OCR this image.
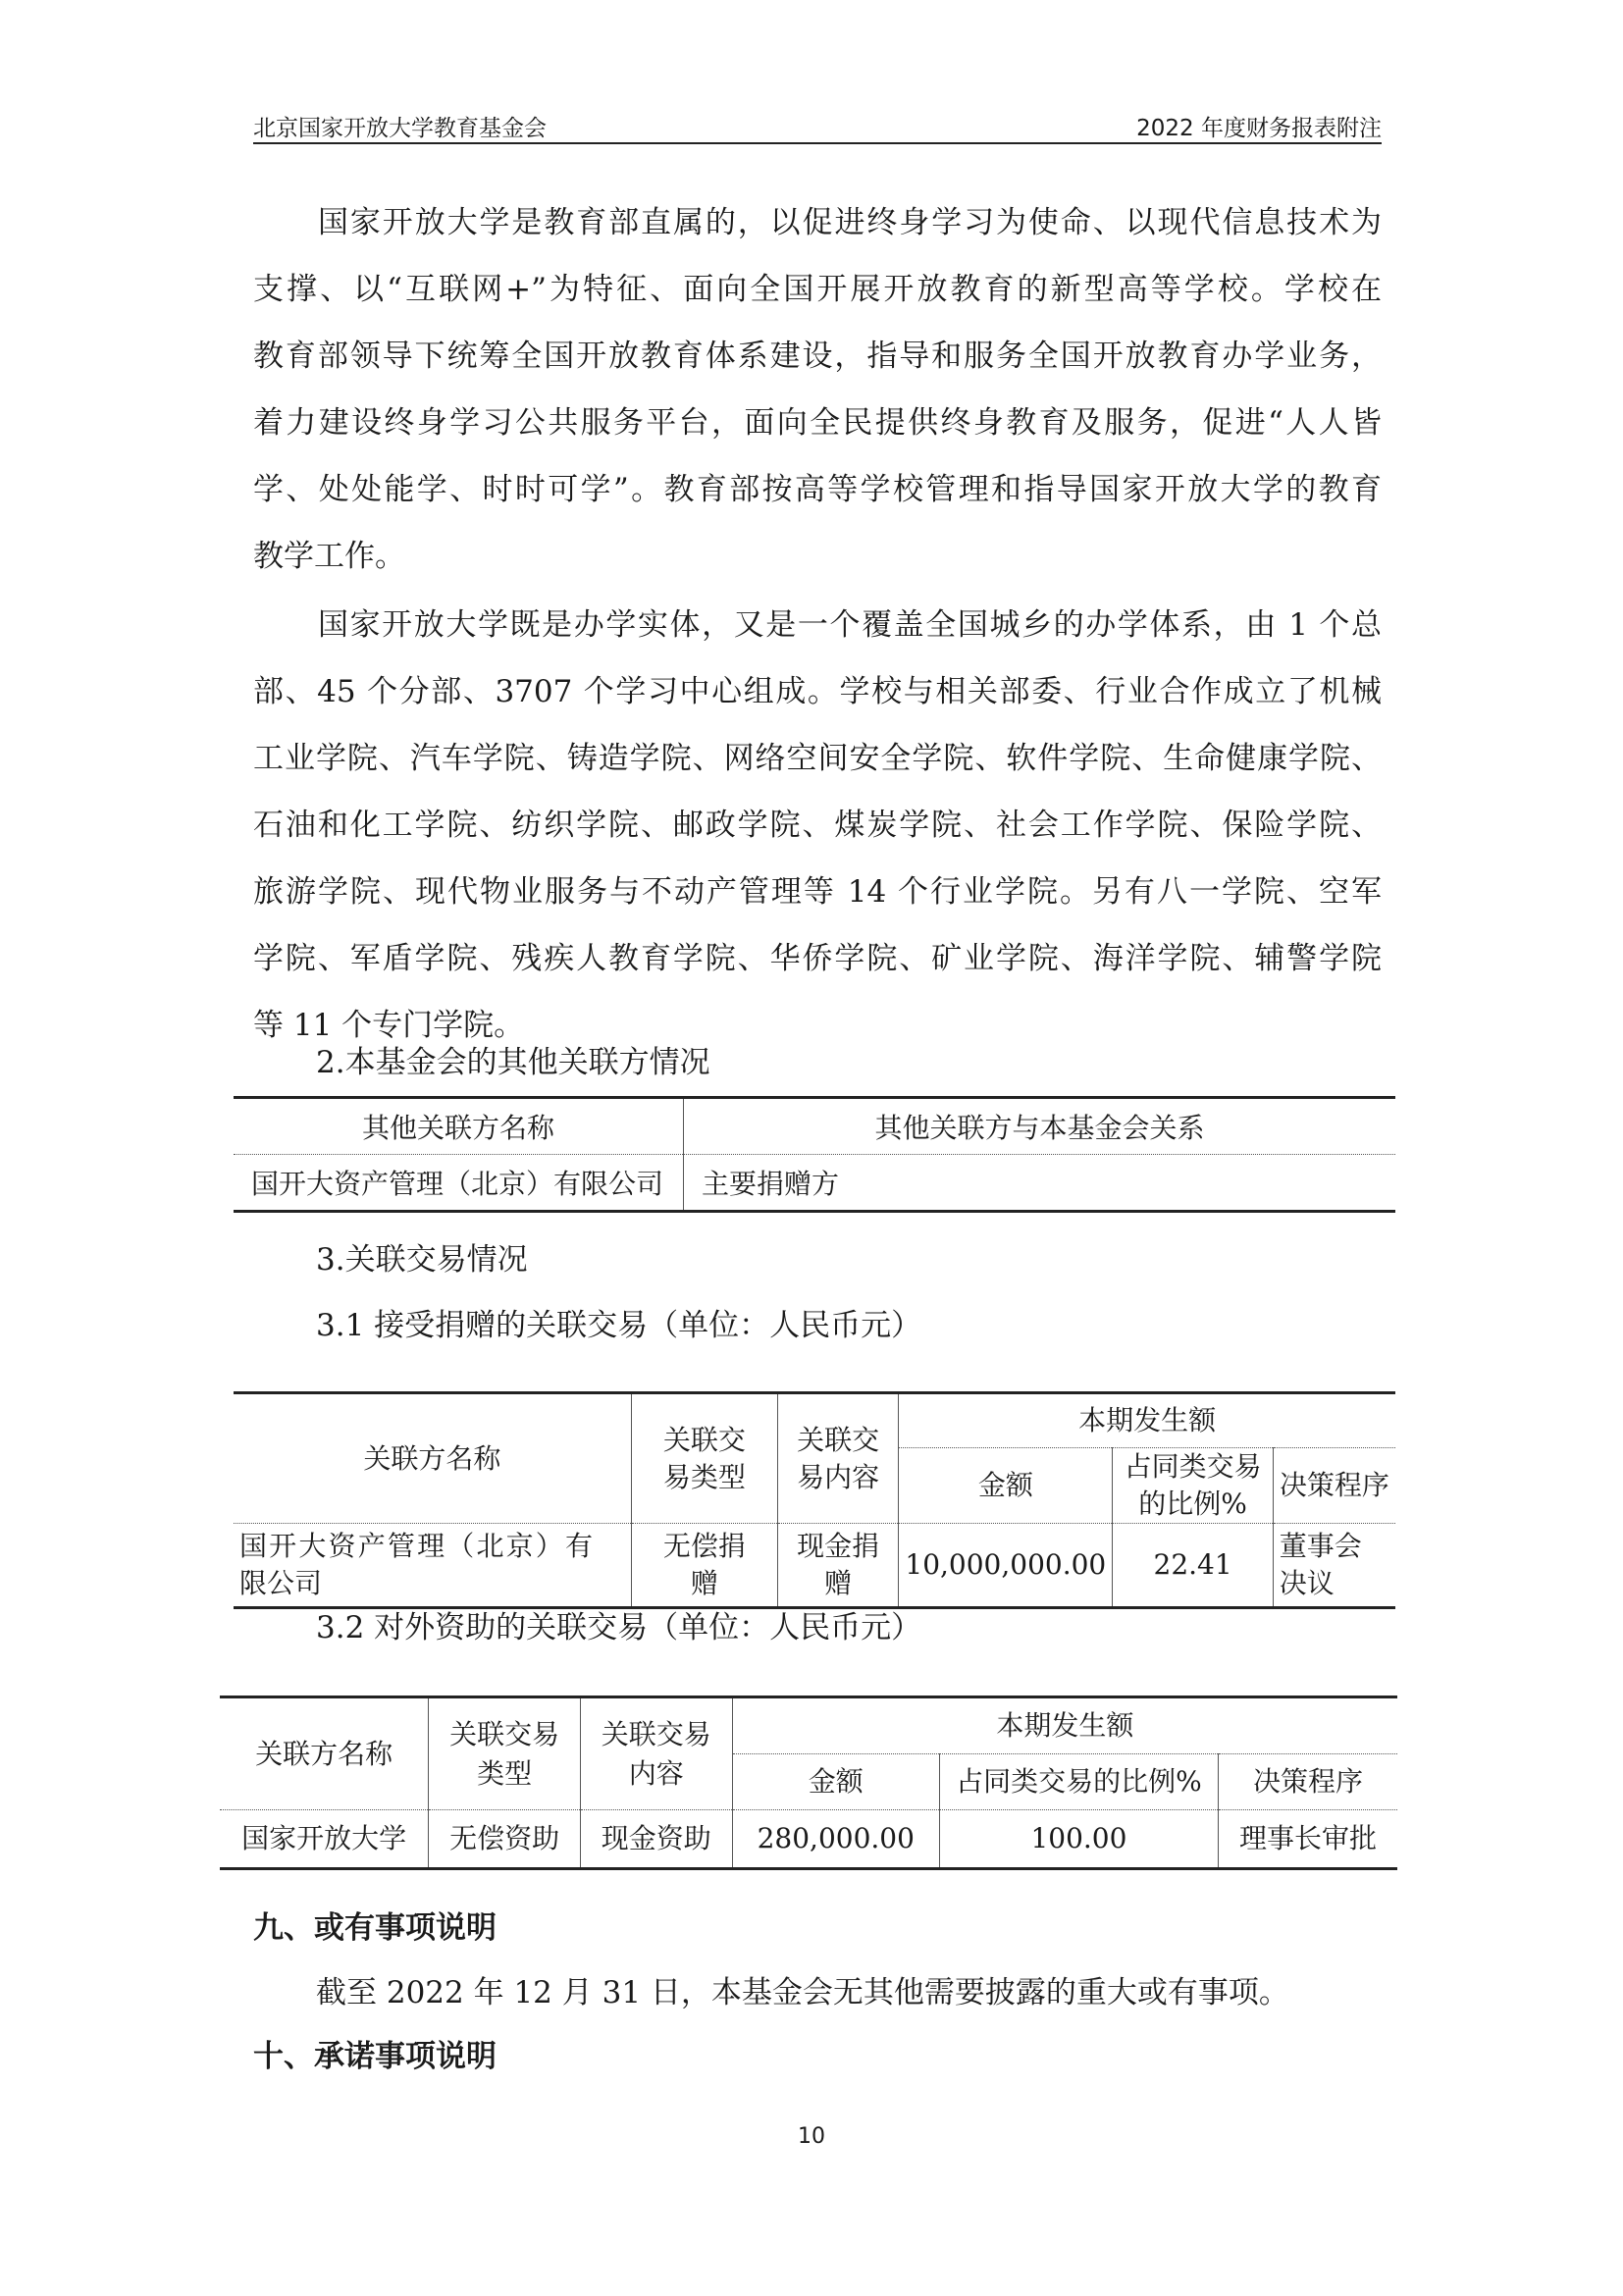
北京国家开放大学教育基金会	2022 年度财务报表附注
国家开放大学是教育部直属的，以促进终身学习为使命、以现代信息技术为
支撑、以“互联网+”为特征、面向全国开展开放教育的新型高等学校。学校在
教育部领导下统筹全国开放教育体系建设，指导和服务全国开放教育办学业务，
着力建设终身学习公共服务平台，面向全民提供终身教育及服务，促进“人人皆
学、处处能学、时时可学”。教育部按高等学校管理和指导国家开放大学的教育
教学工作。
国家开放大学既是办学实体，又是一个覆盖全国城乡的办学体系，由 1 个总
部、45 个分部、3707 个学习中心组成。学校与相关部委、行业合作成立了机械
工业学院、汽车学院、铸造学院、网络空间安全学院、软件学院、生命健康学院、
石油和化工学院、纺织学院、邮政学院、煤炭学院、社会工作学院、保险学院、
旅游学院、现代物业服务与不动产管理等 14 个行业学院。另有八一学院、空军
学院、军盾学院、残疾人教育学院、华侨学院、矿业学院、海洋学院、辅警学院
等 11 个专门学院。
2.本基金会的其他关联方情况
其他关联方名称	其他关联方与本基金会关系
国开大资产管理（北京）有限公司	主要捐赠方
3.关联交易情况
3.1 接受捐赠的关联交易（单位：人民币元）
关联方名称	关联交易类型	关联交易内容	本期发生额		
			金额	占同类交易的比例%	决策程序
国开大资产管理（北京）有限公司	无偿捐赠	现金捐赠	10,000,000.00	22.41	董事会决议
3.2 对外资助的关联交易（单位：人民币元）
关联方名称	关联交易类型	关联交易内容	本期发生额		
			金额	占同类交易的比例%	决策程序
国家开放大学	无偿资助	现金资助	280,000.00	100.00	理事长审批
九、或有事项说明
截至 2022 年 12 月 31 日，本基金会无其他需要披露的重大或有事项。
十、承诺事项说明
10
